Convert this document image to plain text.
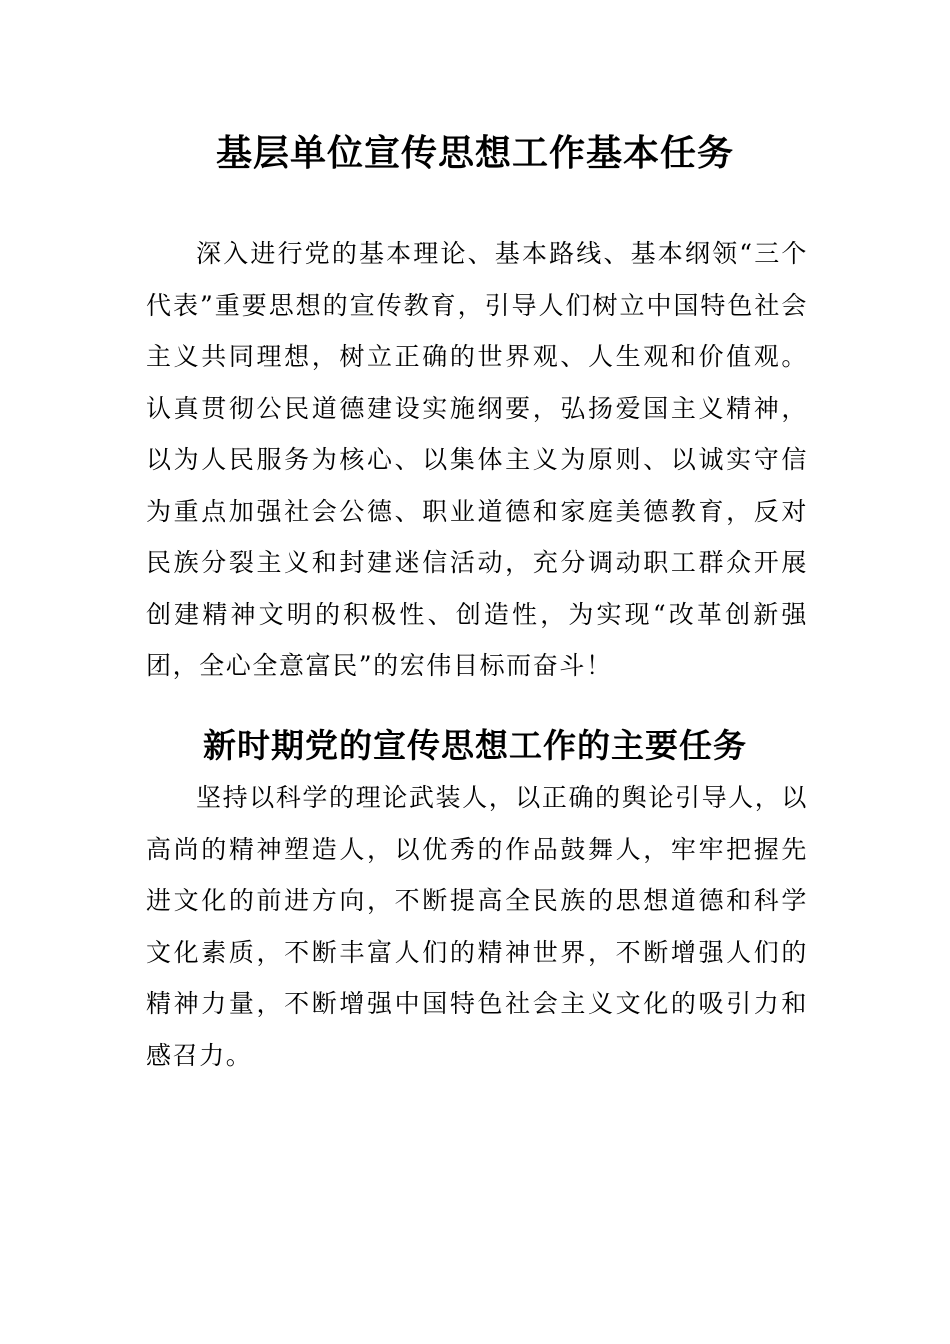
基层单位宣传思想工作基本任务

深入进行党的基本理论、基本路线、基本纲领“三个代表”重要思想的宣传教育，引导人们树立中国特色社会主义共同理想，树立正确的世界观、人生观和价值观。认真贯彻公民道德建设实施纲要，弘扬爱国主义精神，以为人民服务为核心、以集体主义为原则、以诚实守信为重点加强社会公德、职业道德和家庭美德教育，反对民族分裂主义和封建迷信活动，充分调动职工群众开展创建精神文明的积极性、创造性，为实现“改革创新强团，全心全意富民”的宏伟目标而奋斗！

新时期党的宣传思想工作的主要任务

坚持以科学的理论武装人，以正确的舆论引导人，以高尚的精神塑造人，以优秀的作品鼓舞人，牢牢把握先进文化的前进方向，不断提高全民族的思想道德和科学文化素质，不断丰富人们的精神世界，不断增强人们的精神力量，不断增强中国特色社会主义文化的吸引力和感召力。
